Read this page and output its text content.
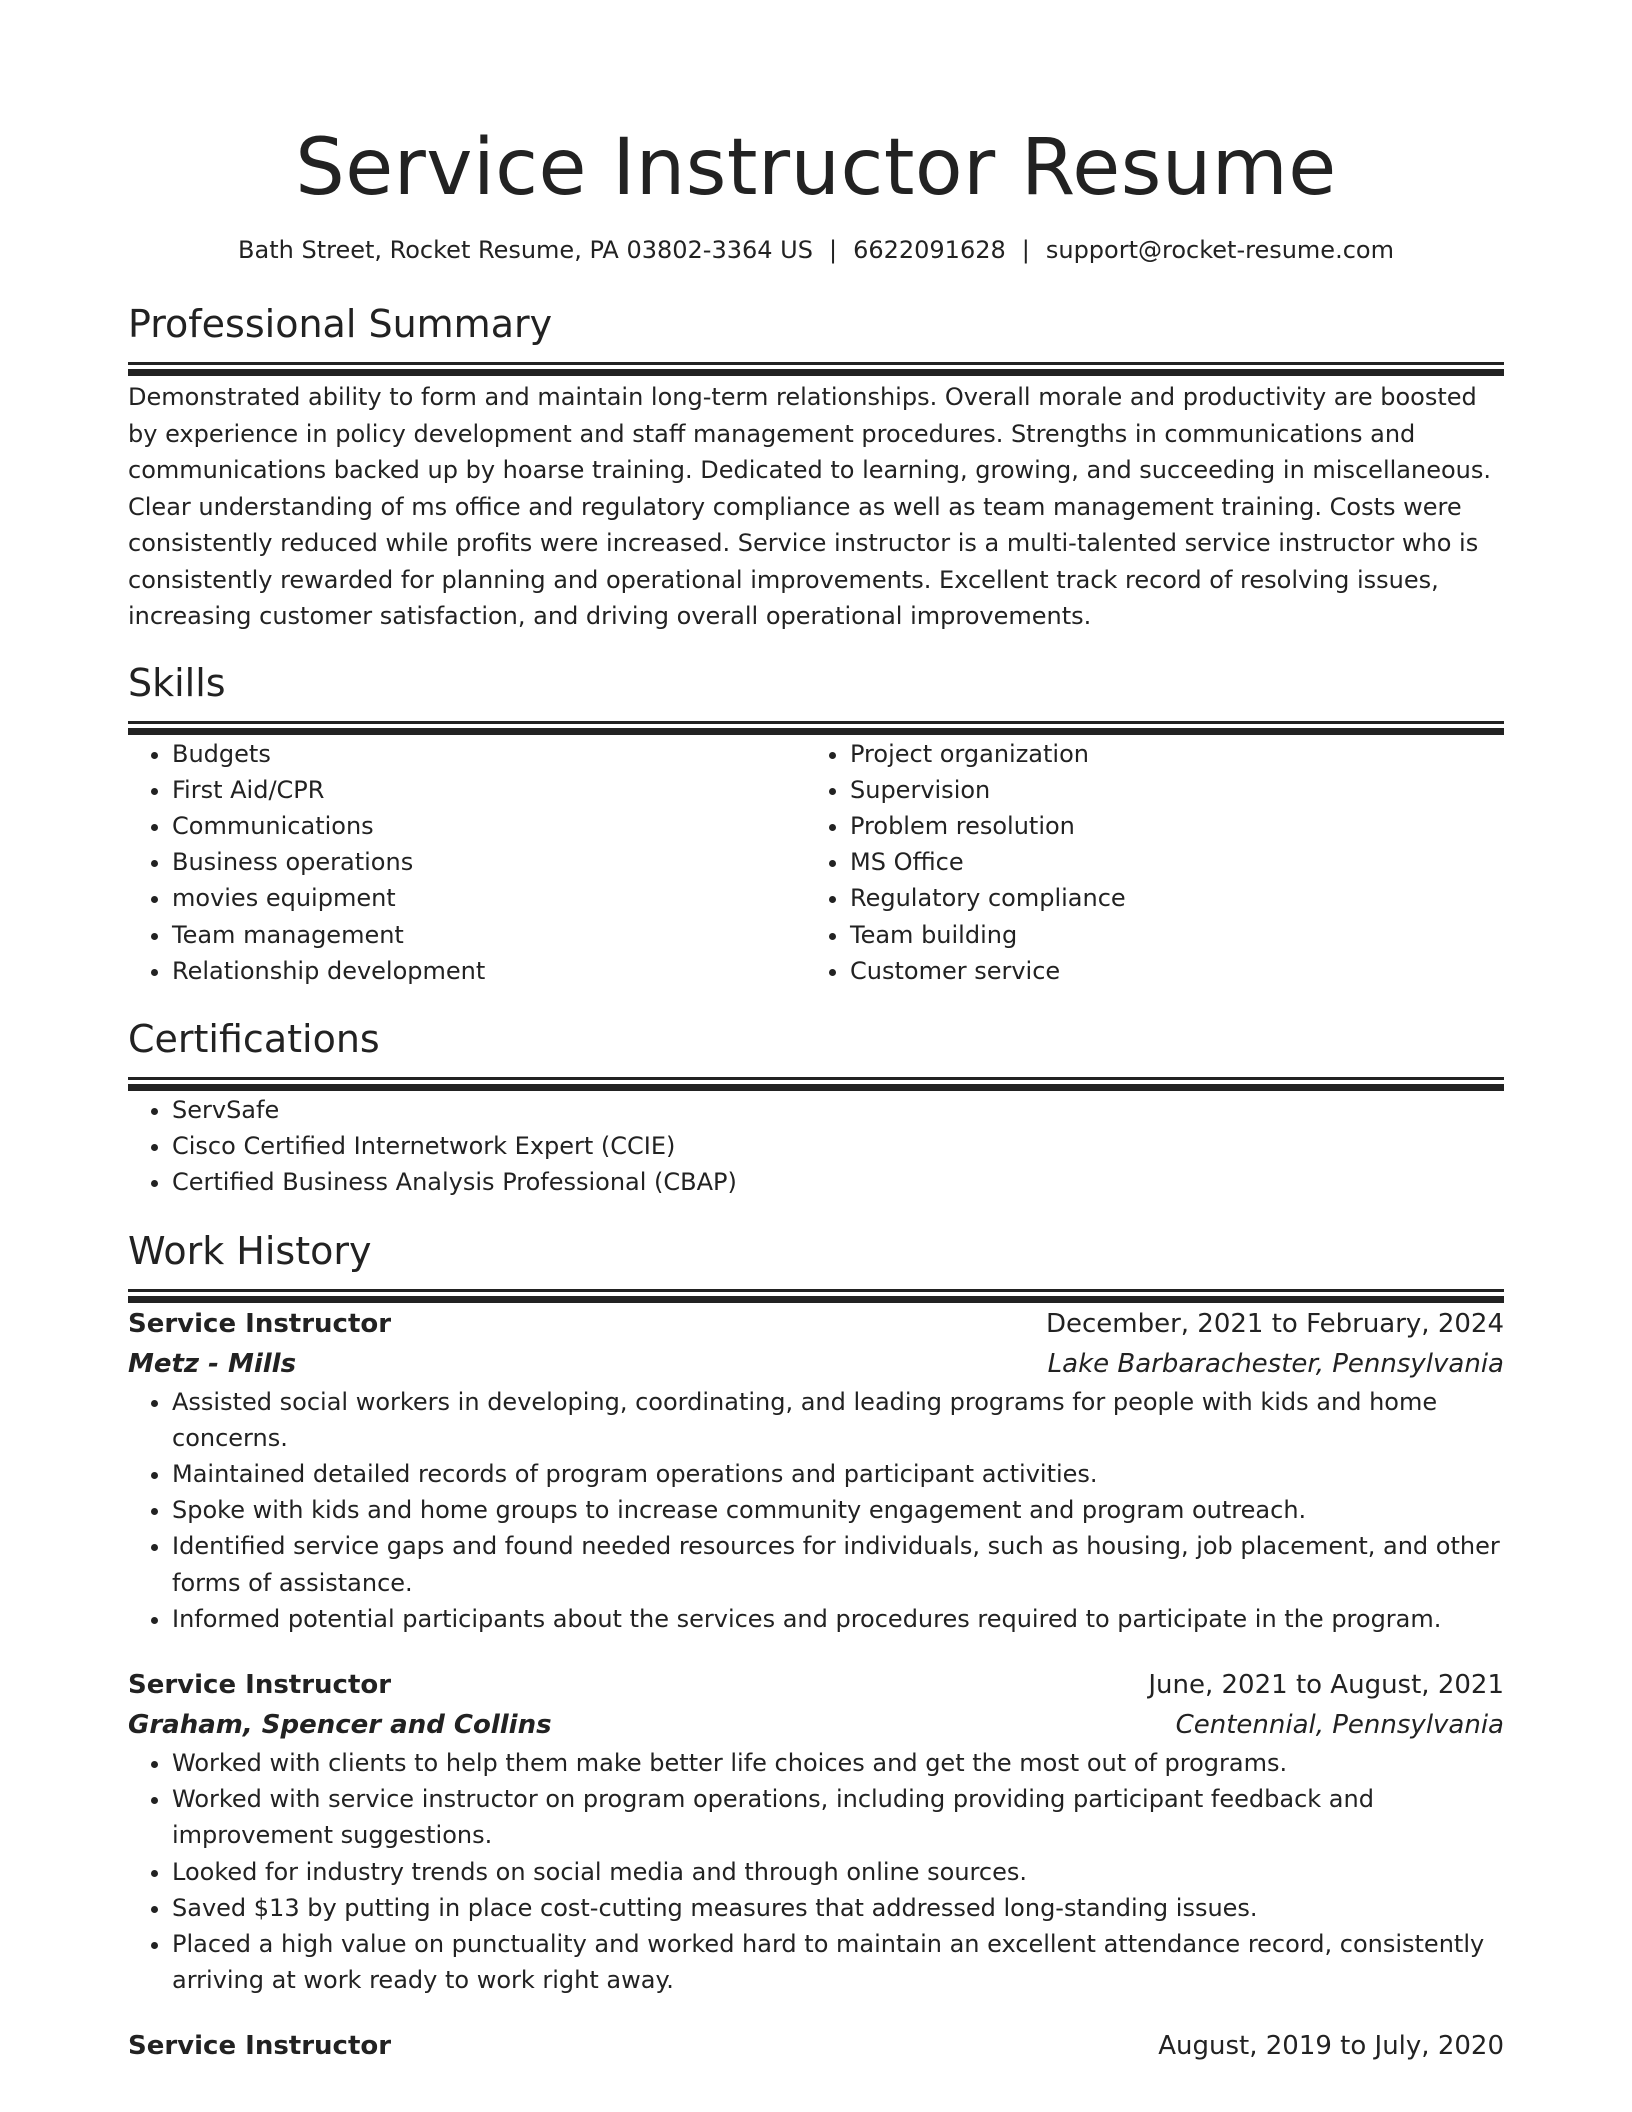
Service Instructor Resume
Bath Street, Rocket Resume, PA 03802-3364 US | 6622091628 | support@rocket-resume.com
Professional Summary
Demonstrated ability to form and maintain long-term relationships. Overall morale and productivity are boosted by experience in policy development and staff management procedures. Strengths in communications and communications backed up by hoarse training. Dedicated to learning, growing, and succeeding in miscellaneous. Clear understanding of ms office and regulatory compliance as well as team management training. Costs were consistently reduced while profits were increased. Service instructor is a multi-talented service instructor who is consistently rewarded for planning and operational improvements. Excellent track record of resolving issues, increasing customer satisfaction, and driving overall operational improvements.
Skills
• Budgets
• First Aid/CPR
• Communications
• Business operations
• movies equipment
• Team management
• Relationship development
• Project organization
• Supervision
• Problem resolution
• MS Office
• Regulatory compliance
• Team building
• Customer service
Certifications
• ServSafe
• Cisco Certified Internetwork Expert (CCIE)
• Certified Business Analysis Professional (CBAP)
Work History
Service Instructor	December, 2021 to February, 2024
Metz - Mills	Lake Barbarachester, Pennsylvania
• Assisted social workers in developing, coordinating, and leading programs for people with kids and home concerns.
• Maintained detailed records of program operations and participant activities.
• Spoke with kids and home groups to increase community engagement and program outreach.
• Identified service gaps and found needed resources for individuals, such as housing, job placement, and other forms of assistance.
• Informed potential participants about the services and procedures required to participate in the program.
Service Instructor	June, 2021 to August, 2021
Graham, Spencer and Collins	Centennial, Pennsylvania
• Worked with clients to help them make better life choices and get the most out of programs.
• Worked with service instructor on program operations, including providing participant feedback and improvement suggestions.
• Looked for industry trends on social media and through online sources.
• Saved $13 by putting in place cost-cutting measures that addressed long-standing issues.
• Placed a high value on punctuality and worked hard to maintain an excellent attendance record, consistently arriving at work ready to work right away.
Service Instructor	August, 2019 to July, 2020
